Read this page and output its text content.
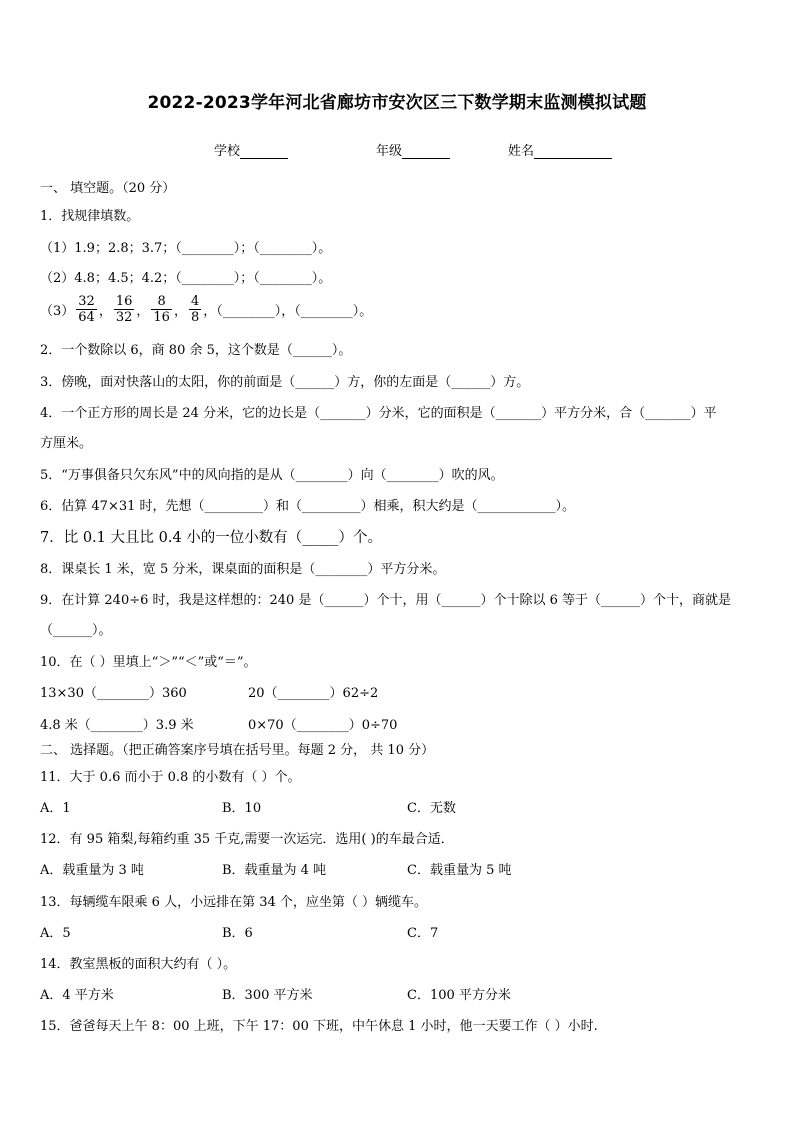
2022-2023学年河北省廊坊市安次区三下数学期末监测模拟试题
学校	年级	姓名
一、 填空题。（20 分）
1．找规律填数。
（1）1.9；2.8；3.7；（________）；（________）。
（2）4.8；4.5；4.2；（________）；（________）。
$(3) \frac{32}{64}$ ， $\frac{16}{32}$ ， $\frac{8}{16}$ ， $\frac{4}{8}$ ，（________），（________）。
2．一个数除以 6，商 80 余 5，这个数是（______）。
3．傍晚，面对快落山的太阳，你的前面是（______）方，你的左面是（______）方。
4．一个正方形的周长是 24 分米，它的边长是（_______）分米，它的面积是（_______）平方分米，合（_______）平
方厘米。
5．“万事俱备只欠东风”中的风向指的是从（________）向（________）吹的风。
6．估算 47×31 时，先想（_________）和（_________）相乘，积大约是（____________）。
7．比 0.1 大且比 0.4 小的一位小数有（_____）个。
8．课桌长 1 米，宽 5 分米，课桌面的面积是（________）平方分米。
9．在计算 240÷6 时，我是这样想的：240 是（______）个十，用（______）个十除以 6 等于（______）个十，商就是
（______）。
10．在（ ）里填上“＞”“＜”或“＝”。
13×30（________）360	20（________）62÷2
4.8 米（________）3.9 米	0×70（________）0÷70
二、 选择题。（把正确答案序号填在括号里。每题 2 分， 共 10 分）
11．大于 0.6 而小于 0.8 的小数有（ ）个。
A．1	B．10	C．无数
12．有 95 箱梨,每箱约重 35 千克,需要一次运完．选用( )的车最合适．
A．载重量为 3 吨	B．载重量为 4 吨	C．载重量为 5 吨
13．每辆缆车限乘 6 人，小远排在第 34 个，应坐第（ ）辆缆车。
A．5	B．6	C．7
14．教室黑板的面积大约有（ ）。
A．4 平方米	B．300 平方米	C．100 平方分米
15．爸爸每天上午 8：00 上班，下午 17：00 下班，中午休息 1 小时，他一天要工作（ ）小时.
